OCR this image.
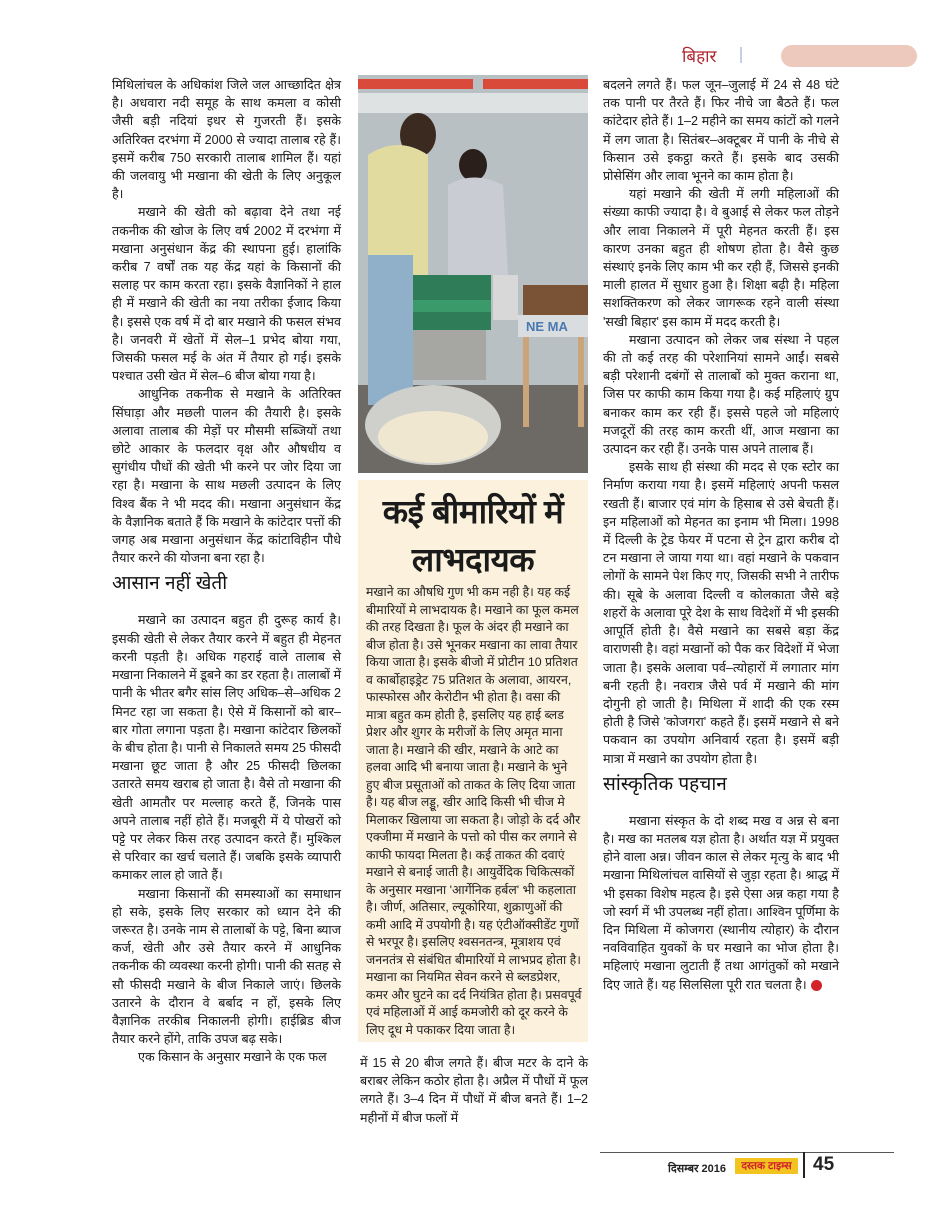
बिहार

मिथिलांचल के अधिकांश जिले जल आच्छादित क्षेत्र है। अधवारा नदी समूह के साथ कमला व कोसी जैसी बड़ी नदियां इधर से गुजरती हैं। इसके अतिरिक्त दरभंगा में 2000 से ज्यादा तालाब रहे हैं। इसमें करीब 750 सरकारी तालाब शामिल हैं। यहां की जलवायु भी मखाना की खेती के लिए अनुकूल है।

मखाने की खेती को बढ़ावा देने तथा नई तकनीक की खोज के लिए वर्ष 2002 में दरभंगा में मखाना अनुसंधान केंद्र की स्थापना हुई। हालांकि करीब 7 वर्षों तक यह केंद्र यहां के किसानों की सलाह पर काम करता रहा। इसके वैज्ञानिकों ने हाल ही में मखाने की खेती का नया तरीका ईजाद किया है। इससे एक वर्ष में दो बार मखाने की फसल संभव है। जनवरी में खेतों में सेल–1 प्रभेद बोया गया, जिसकी फसल मई के अंत में तैयार हो गई। इसके पश्चात उसी खेत में सेल–6 बीज बोया गया है।

आधुनिक तकनीक से मखाने के अतिरिक्त सिंघाड़ा और मछली पालन की तैयारी है। इसके अलावा तालाब की मेड़ों पर मौसमी सब्जियों तथा छोटे आकार के फलदार वृक्ष और औषधीय व सुगंधीय पौधों की खेती भी करने पर जोर दिया जा रहा है। मखाना के साथ मछली उत्पादन के लिए विश्व बैंक ने भी मदद की। मखाना अनुसंधान केंद्र के वैज्ञानिक बताते हैं कि मखाने के कांटेदार पत्तों की जगह अब मखाना अनुसंधान केंद्र कांटाविहीन पौधे तैयार करने की योजना बना रहा है।

आसान नहीं खेती

मखाने का उत्पादन बहुत ही दुरूह कार्य है। इसकी खेती से लेकर तैयार करने में बहुत ही मेहनत करनी पड़ती है। अधिक गहराई वाले तालाब से मखाना निकालने में डूबने का डर रहता है। तालाबों में पानी के भीतर बगैर सांस लिए अधिक–से–अधिक 2 मिनट रहा जा सकता है। ऐसे में किसानों को बार–बार गोता लगाना पड़ता है। मखाना कांटेदार छिलकों के बीच होता है। पानी से निकालते समय 25 फीसदी मखाना छूट जाता है और 25 फीसदी छिलका उतारते समय खराब हो जाता है। वैसे तो मखाना की खेती आमतौर पर मल्लाह करते हैं, जिनके पास अपने तालाब नहीं होते हैं। मजबूरी में ये पोखरों को पट्टे पर लेकर किस तरह उत्पादन करते हैं। मुश्किल से परिवार का खर्च चलाते हैं। जबकि इसके व्यापारी कमाकर लाल हो जाते हैं।

मखाना किसानों की समस्याओं का समाधान हो सके, इसके लिए सरकार को ध्यान देने की जरूरत है। उनके नाम से तालाबों के पट्टे, बिना ब्याज कर्ज, खेती और उसे तैयार करने में आधुनिक तकनीक की व्यवस्था करनी होगी। पानी की सतह से सौ फीसदी मखाने के बीज निकाले जाएं। छिलके उतारने के दौरान वे बर्बाद न हों, इसके लिए वैज्ञानिक तरकीब निकालनी होगी। हाईब्रिड बीज तैयार करने होंगे, ताकि उपज बढ़ सके।

एक किसान के अनुसार मखाने के एक फल

NE MA
कई बीमारियों में लाभदायक
मखाने का औषधि गुण भी कम नही है। यह कई बीमारियों मे लाभदायक है। मखाने का फूल कमल की तरह दिखता है। फूल के अंदर ही मखाने का बीज होता है। उसे भूनकर मखाना का लावा तैयार किया जाता है। इसके बीजो में प्रोटीन 10 प्रतिशत व कार्बोहाइड्रेट 75 प्रतिशत के अलावा, आयरन, फास्फोरस और केरोटीन भी होता है। वसा की मात्रा बहुत कम होती है, इसलिए यह हाई ब्लड प्रेशर और शुगर के मरीजों के लिए अमृत माना जाता है। मखाने की खीर, मखाने के आटे का हलवा आदि भी बनाया जाता है। मखाने के भुने हुए बीज प्रसूताओं को ताकत के लिए दिया जाता है। यह बीज लड्डू, खीर आदि किसी भी चीज मे मिलाकर खिलाया जा सकता है। जोड़ो के दर्द और एक्जीमा में मखाने के पत्तो को पीस कर लगाने से काफी फायदा मिलता है। कई ताकत की दवाएं मखाने से बनाई जाती है। आयुर्वेदिक चिकित्सकों के अनुसार मखाना 'आर्गेनिक हर्बल' भी कहलाता है। जीर्ण, अतिसार, ल्यूकोरिया, शुक्राणुओं की कमी आदि में उपयोगी है। यह एंटीऑक्सीडेंट गुणों से भरपूर है। इसलिए श्वसनतन्त्र, मूत्राशय एवं जननतंत्र से संबंधित बीमारियों मे लाभप्रद होता है। मखाना का नियमित सेवन करने से ब्लडप्रेशर, कमर और घुटने का दर्द नियंत्रित होता है। प्रसवपूर्व एवं महिलाओं में आई कमजोरी को दूर करने के लिए दूध मे पकाकर दिया जाता है।

में 15 से 20 बीज लगते हैं। बीज मटर के दाने के बराबर लेकिन कठोर होता है। अप्रैल में पौधों में फूल लगते हैं। 3–4 दिन में पौधों में बीज बनते हैं। 1–2 महीनों में बीज फलों में

बदलने लगते हैं। फल जून–जुलाई में 24 से 48 घंटे तक पानी पर तैरते हैं। फिर नीचे जा बैठते हैं। फल कांटेदार होते हैं। 1–2 महीने का समय कांटों को गलने में लग जाता है। सितंबर–अक्टूबर में पानी के नीचे से किसान उसे इकट्ठा करते हैं। इसके बाद उसकी प्रोसेसिंग और लावा भूनने का काम होता है।

यहां मखाने की खेती में लगी महिलाओं की संख्या काफी ज्यादा है। वे बुआई से लेकर फल तोड़ने और लावा निकालने में पूरी मेहनत करती हैं। इस कारण उनका बहुत ही शोषण होता है। वैसे कुछ संस्थाएं इनके लिए काम भी कर रही हैं, जिससे इनकी माली हालत में सुधार हुआ है। शिक्षा बढ़ी है। महिला सशक्तिकरण को लेकर जागरूक रहने वाली संस्था 'सखी बिहार' इस काम में मदद करती है।

मखाना उत्पादन को लेकर जब संस्था ने पहल की तो कई तरह की परेशानियां सामने आईं। सबसे बड़ी परेशानी दबंगों से तालाबों को मुक्त कराना था, जिस पर काफी काम किया गया है। कई महिलाएं ग्रुप बनाकर काम कर रही हैं। इससे पहले जो महिलाएं मजदूरों की तरह काम करती थीं, आज मखाना का उत्पादन कर रही हैं। उनके पास अपने तालाब हैं।

इसके साथ ही संस्था की मदद से एक स्टोर का निर्माण कराया गया है। इसमें महिलाएं अपनी फसल रखती हैं। बाजार एवं मांग के हिसाब से उसे बेचती हैं। इन महिलाओं को मेहनत का इनाम भी मिला। 1998 में दिल्ली के ट्रेड फेयर में पटना से ट्रेन द्वारा करीब दो टन मखाना ले जाया गया था। वहां मखाने के पकवान लोगों के सामने पेश किए गए, जिसकी सभी ने तारीफ की। सूबे के अलावा दिल्ली व कोलकाता जैसे बड़े शहरों के अलावा पूरे देश के साथ विदेशों में भी इसकी आपूर्ति होती है। वैसे मखाने का सबसे बड़ा केंद्र वाराणसी है। वहां मखानों को पैक कर विदेशों में भेजा जाता है। इसके अलावा पर्व–त्योहारों में लगातार मांग बनी रहती है। नवरात्र जैसे पर्व में मखाने की मांग दोगुनी हो जाती है। मिथिला में शादी की एक रस्म होती है जिसे 'कोजगरा' कहते हैं। इसमें मखाने से बने पकवान का उपयोग अनिवार्य रहता है। इसमें बड़ी मात्रा में मखाने का उपयोग होता है।

सांस्कृतिक पहचान

मखाना संस्कृत के दो शब्द मख व अन्न से बना है। मख का मतलब यज्ञ होता है। अर्थात यज्ञ में प्रयुक्त होने वाला अन्न। जीवन काल से लेकर मृत्यु के बाद भी मखाना मिथिलांचल वासियों से जुड़ा रहता है। श्राद्ध में भी इसका विशेष महत्व है। इसे ऐसा अन्न कहा गया है जो स्वर्ग में भी उपलब्ध नहीं होता। आश्विन पूर्णिमा के दिन मिथिला में कोजगरा (स्थानीय त्योहार) के दौरान नवविवाहित युवकों के घर मखाने का भोज होता है। महिलाएं मखाना लुटाती हैं तथा आगंतुकों को मखाने दिए जाते हैं। यह सिलसिला पूरी रात चलता है।

दिसम्बर 2016	दस्तक टाइम्स	45
